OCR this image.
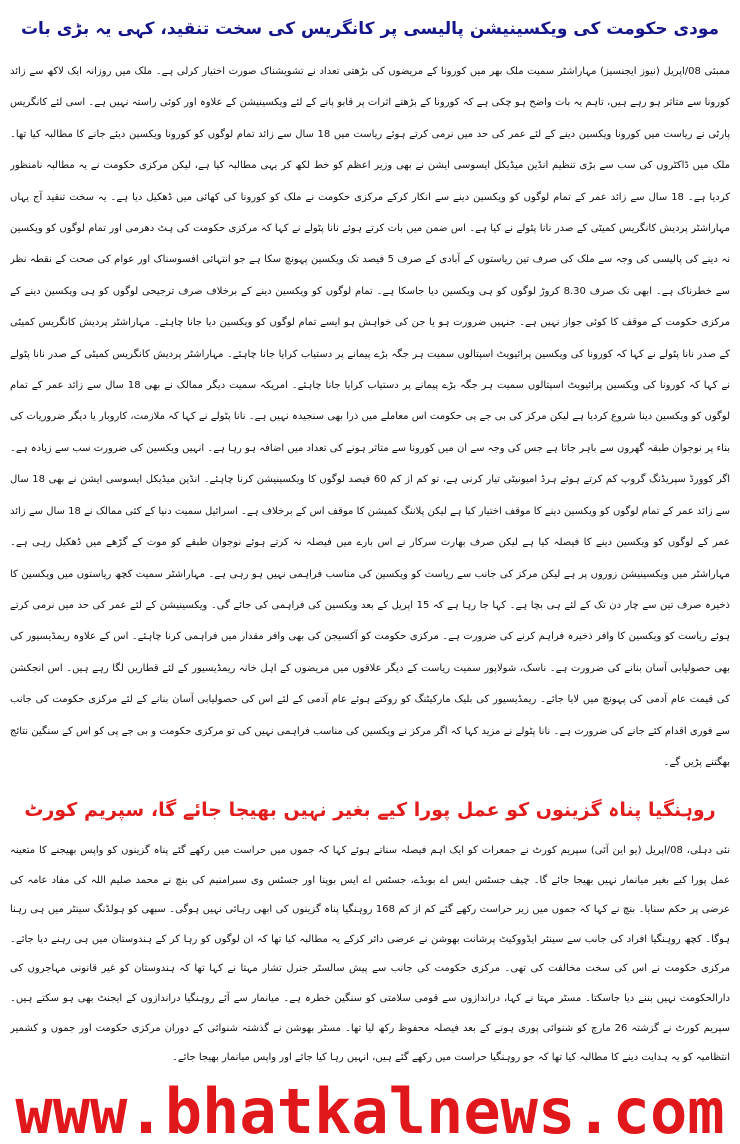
مودی حکومت کی ویکسینیشن پالیسی پر کانگریس کی سخت تنقید، کہی یہ بڑی بات
ممبئی 08/اپریل (نیوز ایجنسیز) مہاراشٹر سمیت ملک بھر میں کورونا کے مریضوں کی بڑھتی تعداد نے تشویشناک صورت اختیار کرلی ہے۔ ملک میں روزانہ ایک لاکھ سے زائد کورونا سے متاثر ہو رہے ہیں، تاہم یہ بات واضح ہو چکی ہے کہ کورونا کے بڑھتے اثرات پر قابو پانے کے لئے ویکسینیشن کے علاوہ اور کوئی راستہ نہیں ہے۔ اسی لئے کانگریس پارٹی نے ریاست میں کورونا ویکسین دینے کے لئے عمر کی حد میں نرمی کرتے ہوئے ریاست میں 18 سال سے زائد تمام لوگوں کو کورونا ویکسین دیئے جانے کا مطالبہ کیا تھا۔ ملک میں ڈاکٹروں کی سب سے بڑی تنظیم انڈین میڈیکل ایسوسی ایشن نے بھی وزیر اعظم کو خط لکھ کر یہی مطالبہ کیا ہے، لیکن مرکزی حکومت نے یہ مطالبہ نامنظور کردیا ہے۔ 18 سال سے زائد عمر کے تمام لوگوں کو ویکسین دینے سے انکار کرکے مرکزی حکومت نے ملک کو کورونا کی کھائی میں ڈھکیل دیا ہے۔ یہ سخت تنقید آج یہاں مہاراشٹر پردیش کانگریس کمیٹی کے صدر نانا پٹولے نے کیا ہے۔ اس ضمن میں بات کرتے ہوئے نانا پٹولے نے کہا کہ مرکزی حکومت کی ہٹ دھرمی اور تمام لوگوں کو ویکسین نہ دینے کی پالیسی کی وجہ سے ملک کی صرف تین ریاستوں کے آبادی کے صرف 5 فیصد تک ویکسین پہونچ سکا ہے جو انتہائی افسوسناک اور عوام کی صحت کے نقطہ نظر سے خطرناک ہے۔ ابھی تک صرف 8.30 کروڑ لوگوں کو ہی ویکسین دیا جاسکا ہے۔ تمام لوگوں کو ویکسین دینے کے برخلاف صرف ترجیحی لوگوں کو ہی ویکسین دینے کے مرکزی حکومت کے موقف کا کوئی جواز نہیں ہے۔ جنہیں ضرورت ہو یا جن کی خواہش ہو ایسے تمام لوگوں کو ویکسین دیا جانا چاہئے۔ مہاراشٹر پردیش کانگریس کمیٹی کے صدر نانا پٹولے نے کہا کہ کورونا کی ویکسین پرائیویٹ اسپتالوں سمیت ہر جگہ بڑے پیمانے پر دستیاب کرایا جانا چاہئے۔ مہاراشٹر پردیش کانگریس کمیٹی کے صدر نانا پٹولے نے کہا کہ کورونا کی ویکسین پرائیویٹ اسپتالوں سمیت ہر جگہ بڑے پیمانے پر دستیاب کرایا جانا چاہئے۔ امریکہ سمیت دیگر ممالک نے بھی 18 سال سے زائد عمر کے تمام لوگوں کو ویکسین دینا شروع کردیا ہے لیکن مرکز کی بی جے پی حکومت اس معاملے میں ذرا بھی سنجیدہ نہیں ہے۔ نانا پٹولے نے کہا کہ ملازمت، کاروبار یا دیگر ضروریات کی بناء پر نوجوان طبقہ گھروں سے باہر جاتا ہے جس کی وجہ سے ان میں کورونا سے متاثر ہونے کی تعداد میں اضافہ ہو رہا ہے۔ انہیں ویکسین کی ضرورت سب سے زیادہ ہے۔ اگر کوورڈ سپریڈنگ گروپ کم کرتے ہوئے ہرڈ امیونیٹی تیار کرنی ہے، تو کم از کم 60 فیصد لوگوں کا ویکسینیشن کرنا چاہئے۔ انڈین میڈیکل ایسوسی ایشن نے بھی 18 سال سے زائد عمر کے تمام لوگوں کو ویکسین دینے کا موقف اختیار کیا ہے لیکن پلاننگ کمیشن کا موقف اس کے برخلاف ہے۔ اسرائیل سمیت دنیا کے کئی ممالک نے 18 سال سے زائد عمر کے لوگوں کو ویکسین دینے کا فیصلہ کیا ہے لیکن صرف بھارت سرکار نے اس بارے میں فیصلہ نہ کرتے ہوئے نوجوان طبقے کو موت کے گڑھے میں ڈھکیل رہی ہے۔ مہاراشٹر میں ویکسینیشن زوروں پر ہے لیکن مرکز کی جانب سے ریاست کو ویکسین کی مناسب فراہمی نہیں ہو رہی ہے۔ مہاراشٹر سمیت کچھ ریاستوں میں ویکسین کا ذخیرہ صرف تین سے چار دن تک کے لئے ہی بچا ہے۔ کہا جا رہا ہے کہ 15 اپریل کے بعد ویکسین کی فراہمی کی جائے گی۔ ویکسینیشن کے لئے عمر کی حد میں نرمی کرتے ہوئے ریاست کو ویکسین کا وافر ذخیرہ فراہم کرنے کی ضرورت ہے۔ مرکزی حکومت کو آکسیجن کی بھی وافر مقدار میں فراہمی کرنا چاہئے۔ اس کے علاوہ ریمڈیسیور کی بھی حصولیابی آسان بنانے کی ضرورت ہے۔ ناسک، شولاپور سمیت ریاست کے دیگر علاقوں میں مریضوں کے اہل خانہ ریمڈیسیور کے لئے قطاریں لگا رہے ہیں۔ اس انجکشن کی قیمت عام آدمی کی پہونچ میں لایا جائے۔ ریمڈیسیور کی بلیک مارکیٹنگ کو روکتے ہوئے عام آدمی کے لئے اس کی حصولیابی آسان بنانے کے لئے مرکزی حکومت کی جانب سے فوری اقدام کئے جانے کی ضرورت ہے۔ نانا پٹولے نے مزید کہا کہ اگر مرکز نے ویکسین کی مناسب فراہمی نہیں کی تو مرکزی حکومت و بی جے پی کو اس کے سنگین نتائج بھگتنے پڑیں گے۔
روہنگیا پناہ گزینوں کو عمل پورا کیے بغیر نہیں بھیجا جائے گا، سپریم کورٹ
نئی دہلی، 08/اپریل (یو این آئی) سپریم کورٹ نے جمعرات کو ایک اہم فیصلہ سناتے ہوئے کہا کہ جموں میں حراست میں رکھے گئے پناہ گزینوں کو واپس بھیجنے کا متعینہ عمل پورا کیے بغیر میانمار نہیں بھیجا جائے گا۔ چیف جسٹس ایس اے بوبڈے، جسٹس اے ایس بوپنا اور جسٹس وی سبرامنیم کی بنچ نے محمد صلیم اللہ کی مفاد عامہ کی عرضی پر حکم سنایا۔ بنچ نے کہا کہ جموں میں زیر حراست رکھے گئے کم از کم 168 روہنگیا پناہ گزینوں کی ابھی رہائی نہیں ہوگی۔ سبھی کو ہولڈنگ سینٹر میں ہی رہنا ہوگا۔ کچھ روہنگیا افراد کی جانب سے سینئر ایڈووکیٹ پرشانت بھوشن نے عرضی دائر کرکے یہ مطالبہ کیا تھا کہ ان لوگوں کو رہا کر کے ہندوستان میں ہی رہنے دیا جائے۔ مرکزی حکومت نے اس کی سخت مخالفت کی تھی۔ مرکزی حکومت کی جانب سے پیش سالسٹر جنرل تشار مہتا نے کہا تھا کہ ہندوستان کو غیر قانونی مہاجروں کی دارالحکومت نہیں بننے دیا جاسکتا۔ مسٹر مہتا نے کہا، دراندازوں سے قومی سلامتی کو سنگین خطرہ ہے۔ میانمار سے آئے روہنگیا دراندازوں کے ایجنٹ بھی ہو سکتے ہیں۔ سپریم کورٹ نے گزشتہ 26 مارچ کو شنوائی پوری ہونے کے بعد فیصلہ محفوظ رکھ لیا تھا۔ مسٹر بھوشن نے گذشتہ شنوائی کے دوران مرکزی حکومت اور جموں و کشمیر انتظامیہ کو یہ ہدایت دینے کا مطالبہ کیا تھا کہ جو روہنگیا حراست میں رکھے گئے ہیں، انہیں رہا کیا جائے اور واپس میانمار بھیجا جائے۔
www.bhatkalnews.com
